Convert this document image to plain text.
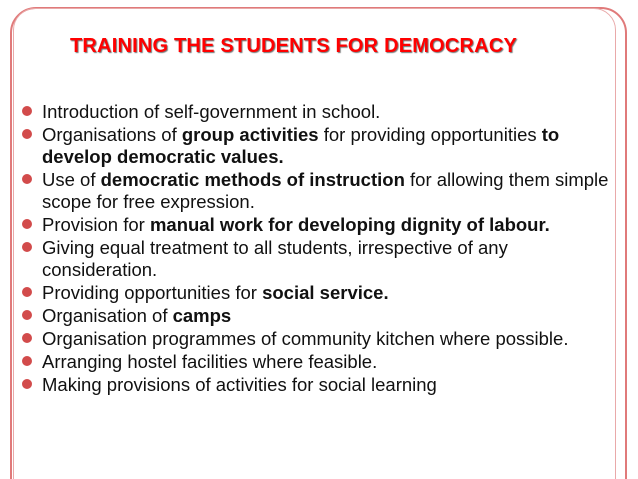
TRAINING THE STUDENTS FOR DEMOCRACY
Introduction of self-government in school.
Organisations of group activities for providing opportunities to develop democratic values.
Use of democratic methods of instruction for allowing them simple scope for free expression.
Provision for manual work for developing dignity of labour.
Giving equal treatment to all students, irrespective of any consideration.
Providing opportunities for social service.
Organisation of camps
Organisation programmes of community kitchen where possible.
Arranging hostel facilities where feasible.
Making provisions of activities for social learning
